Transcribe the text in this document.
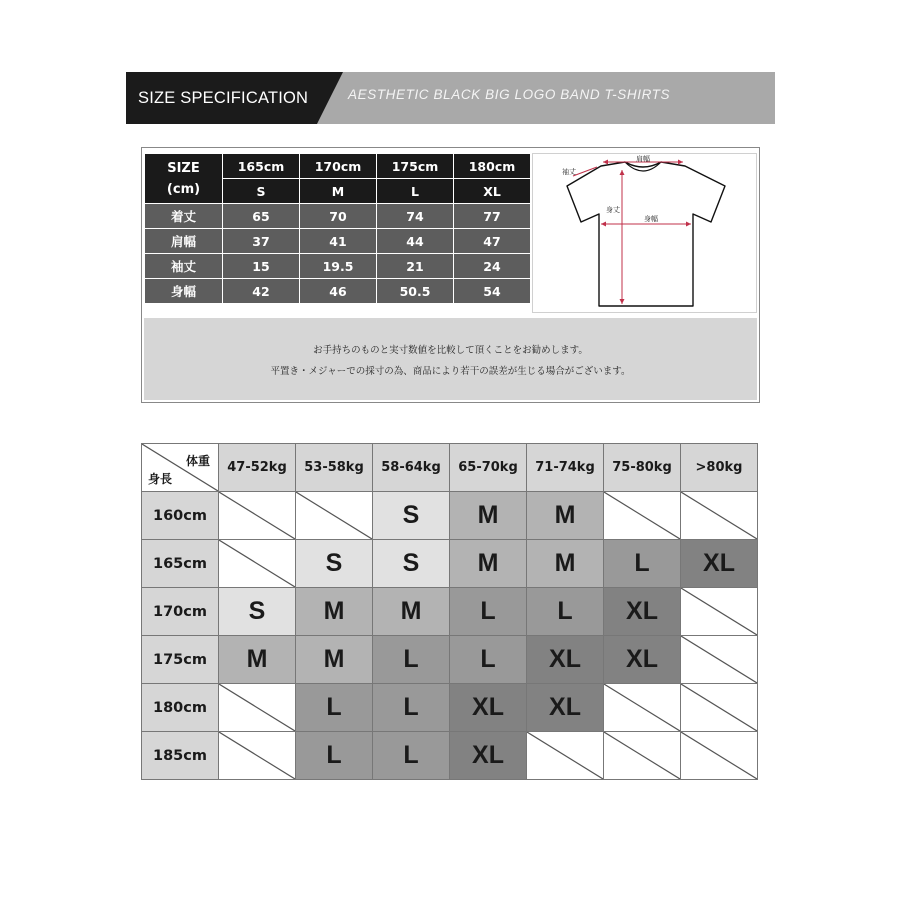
SIZE SPECIFICATION	AESTHETIC BLACK BIG LOGO BAND T-SHIRTS
SIZE
(cm)	165cm	170cm	175cm	180cm
	S	M	L	XL
着丈	65	70	74	77
肩幅	37	41	44	47
袖丈	15	19.5	21	24
身幅	42	46	50.5	54
肩幅
袖丈
身丈
身幅

お手持ちのものと実寸数値を比較して頂くことをお勧めします。

平置き・メジャーでの採寸の為、商品により若干の誤差が生じる場合がございます。

体重
身長	47-52kg	53-58kg	58-64kg	65-70kg	71-74kg	75-80kg	>80kg
160cm			S	M	M	

165cm		S	S	M	M	L	XL
170cm	S	M	M	L	L	XL	

175cm	M	M	L	L	XL	XL	

180cm		L	L	XL	XL	

185cm		L	L	XL	
